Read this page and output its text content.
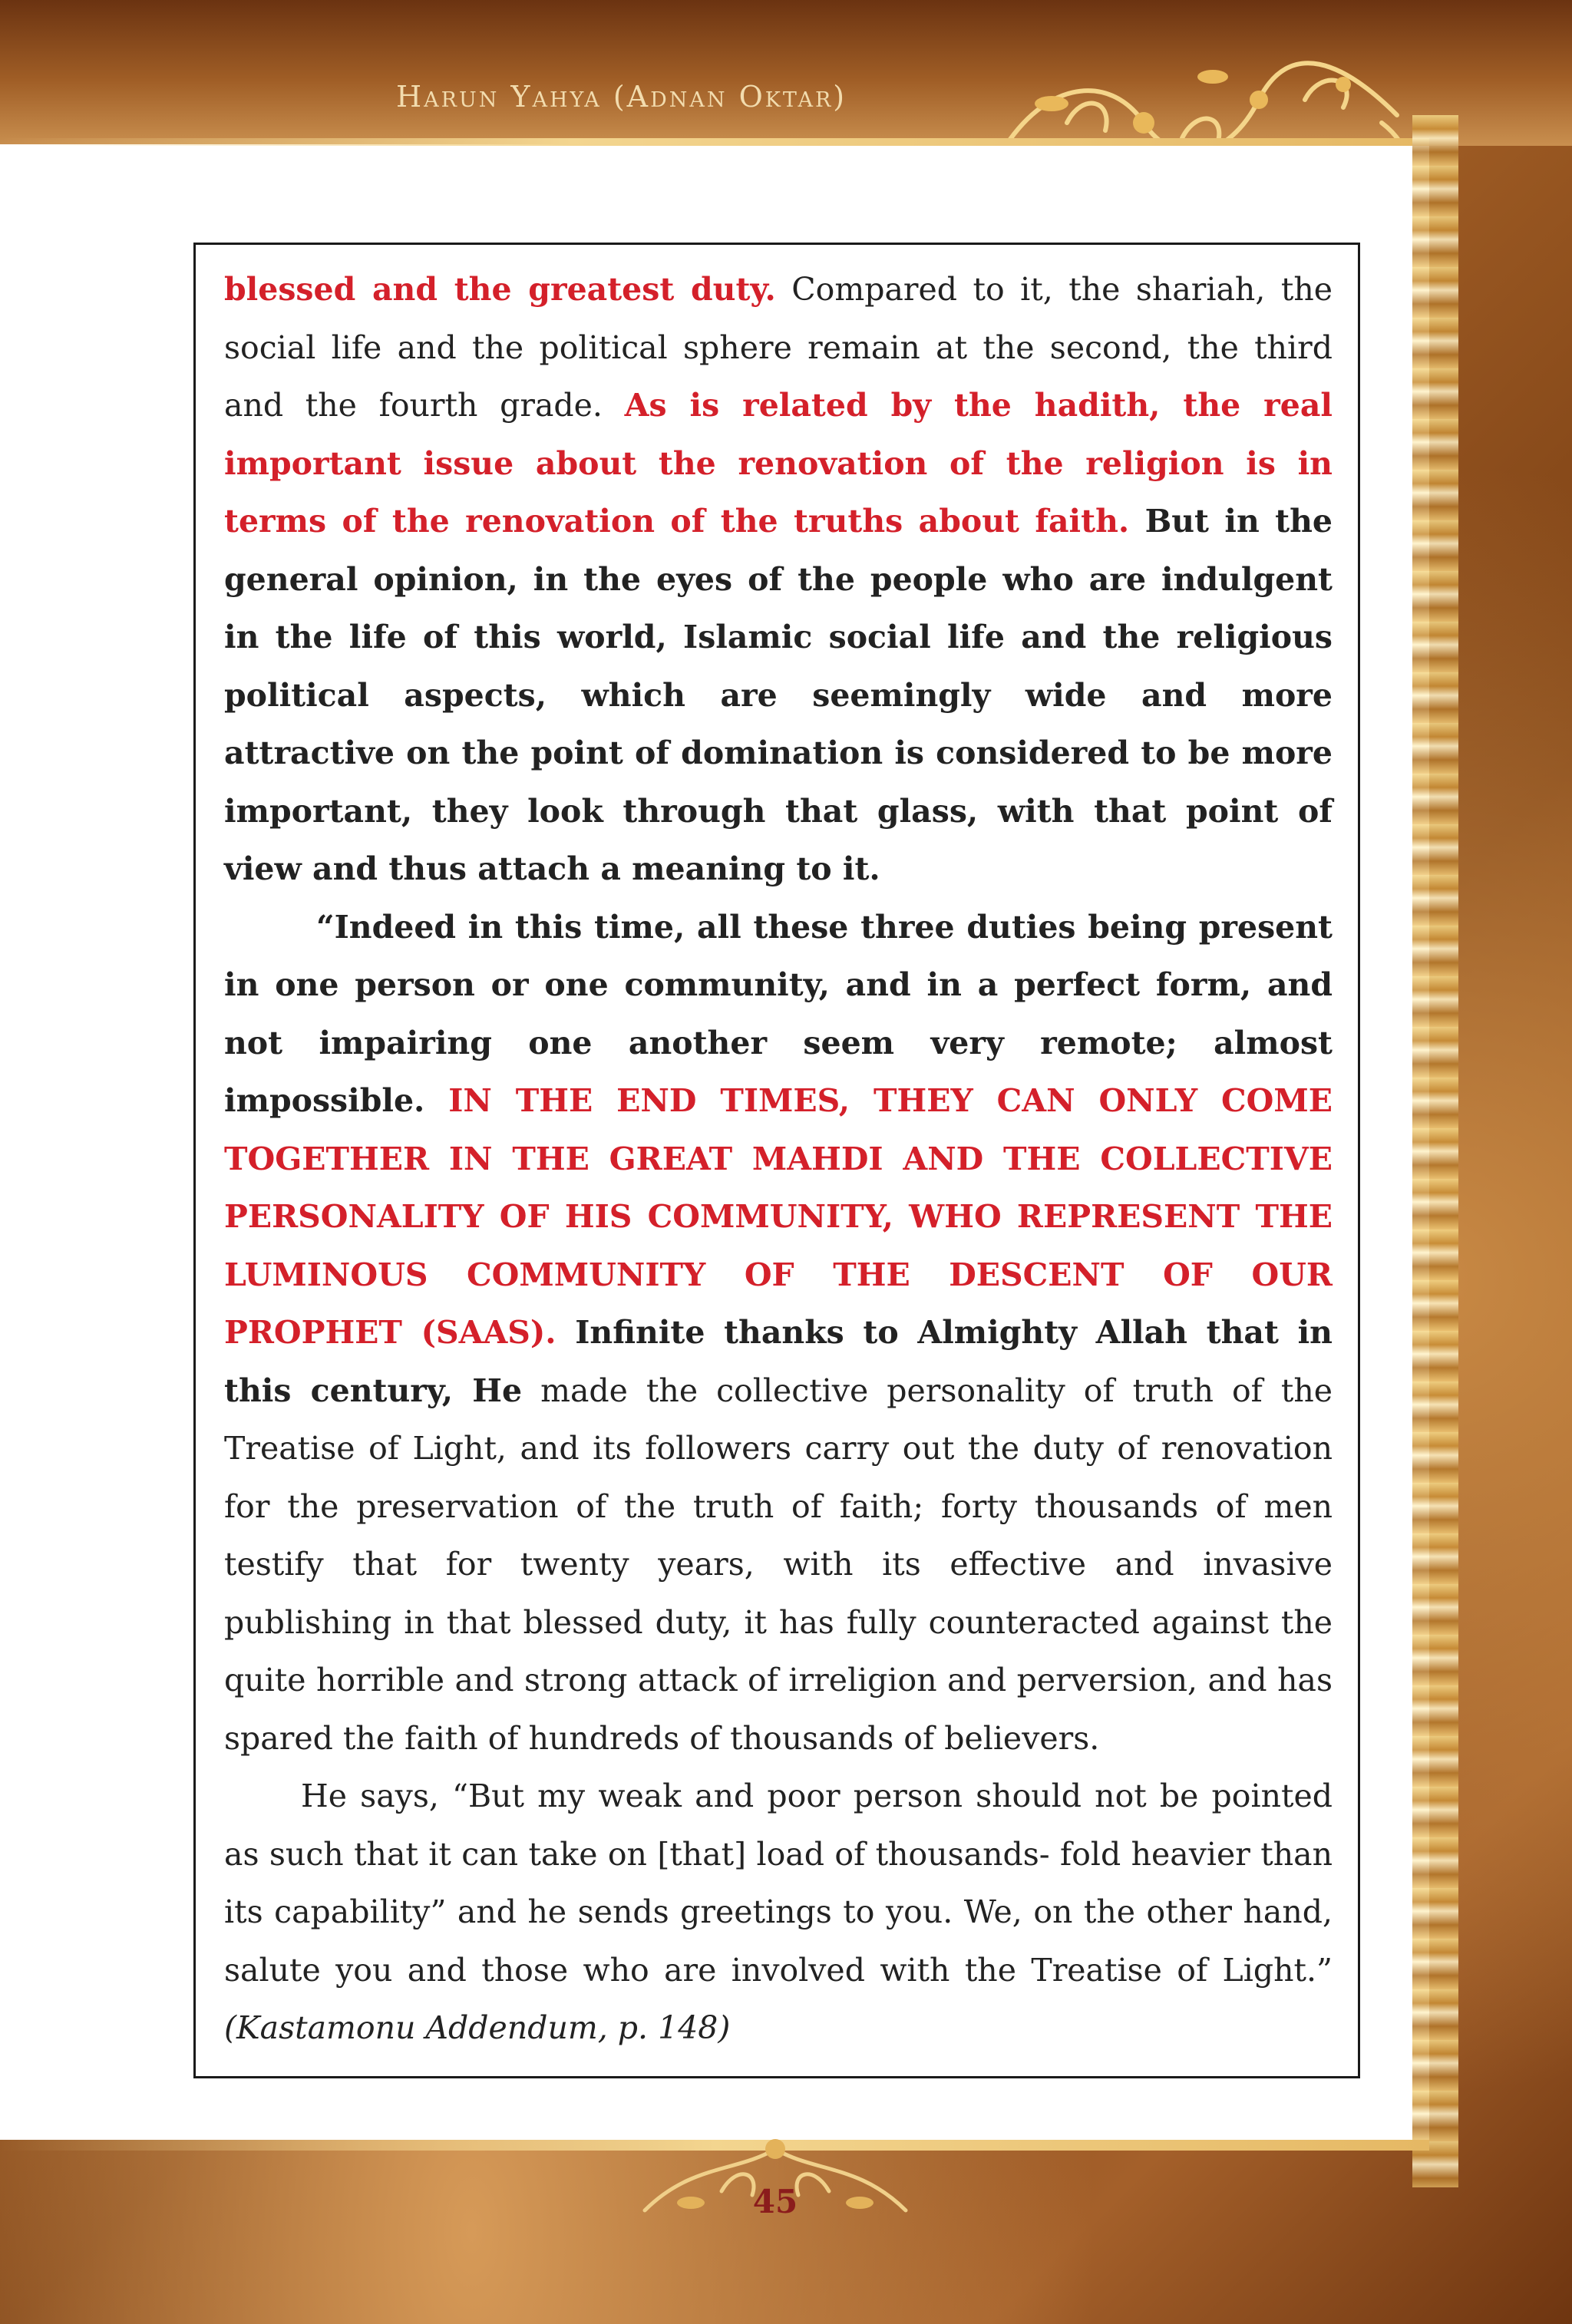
Harun Yahya (Adnan Oktar)

blessed and the greatest duty. Compared to it, the shariah, the social life and the political sphere remain at the second, the third and the fourth grade. As is related by the hadith, the real important issue about the renovation of the religion is in terms of the renovation of the truths about faith. But in the general opinion, in the eyes of the people who are indulgent in the life of this world, Islamic social life and the religious political aspects, which are seemingly wide and more attractive on the point of domination is considered to be more important, they look through that glass, with that point of view and thus attach a meaning to it.

“Indeed in this time, all these three duties being present in one person or one community, and in a perfect form, and not impairing one another seem very remote; almost impossible. IN THE END TIMES, THEY CAN ONLY COME TOGETHER IN THE GREAT MAHDI AND THE COLLECTIVE PERSONALITY OF HIS COMMUNITY, WHO REPRESENT THE LUMINOUS COMMUNITY OF THE DESCENT OF OUR PROPHET (SAAS). Infinite thanks to Almighty Allah that in this century, He made the collective personality of truth of the Treatise of Light, and its followers carry out the duty of renovation for the preservation of the truth of faith; forty thousands of men testify that for twenty years, with its effective and invasive publishing in that blessed duty, it has fully counteracted against the quite horrible and strong attack of irreligion and perversion, and has spared the faith of hundreds of thousands of believers.

He says, “But my weak and poor person should not be pointed as such that it can take on [that] load of thousands- fold heavier than its capability” and he sends greetings to you. We, on the other hand, salute you and those who are involved with the Treatise of Light.” (Kastamonu Addendum, p. 148)

45
